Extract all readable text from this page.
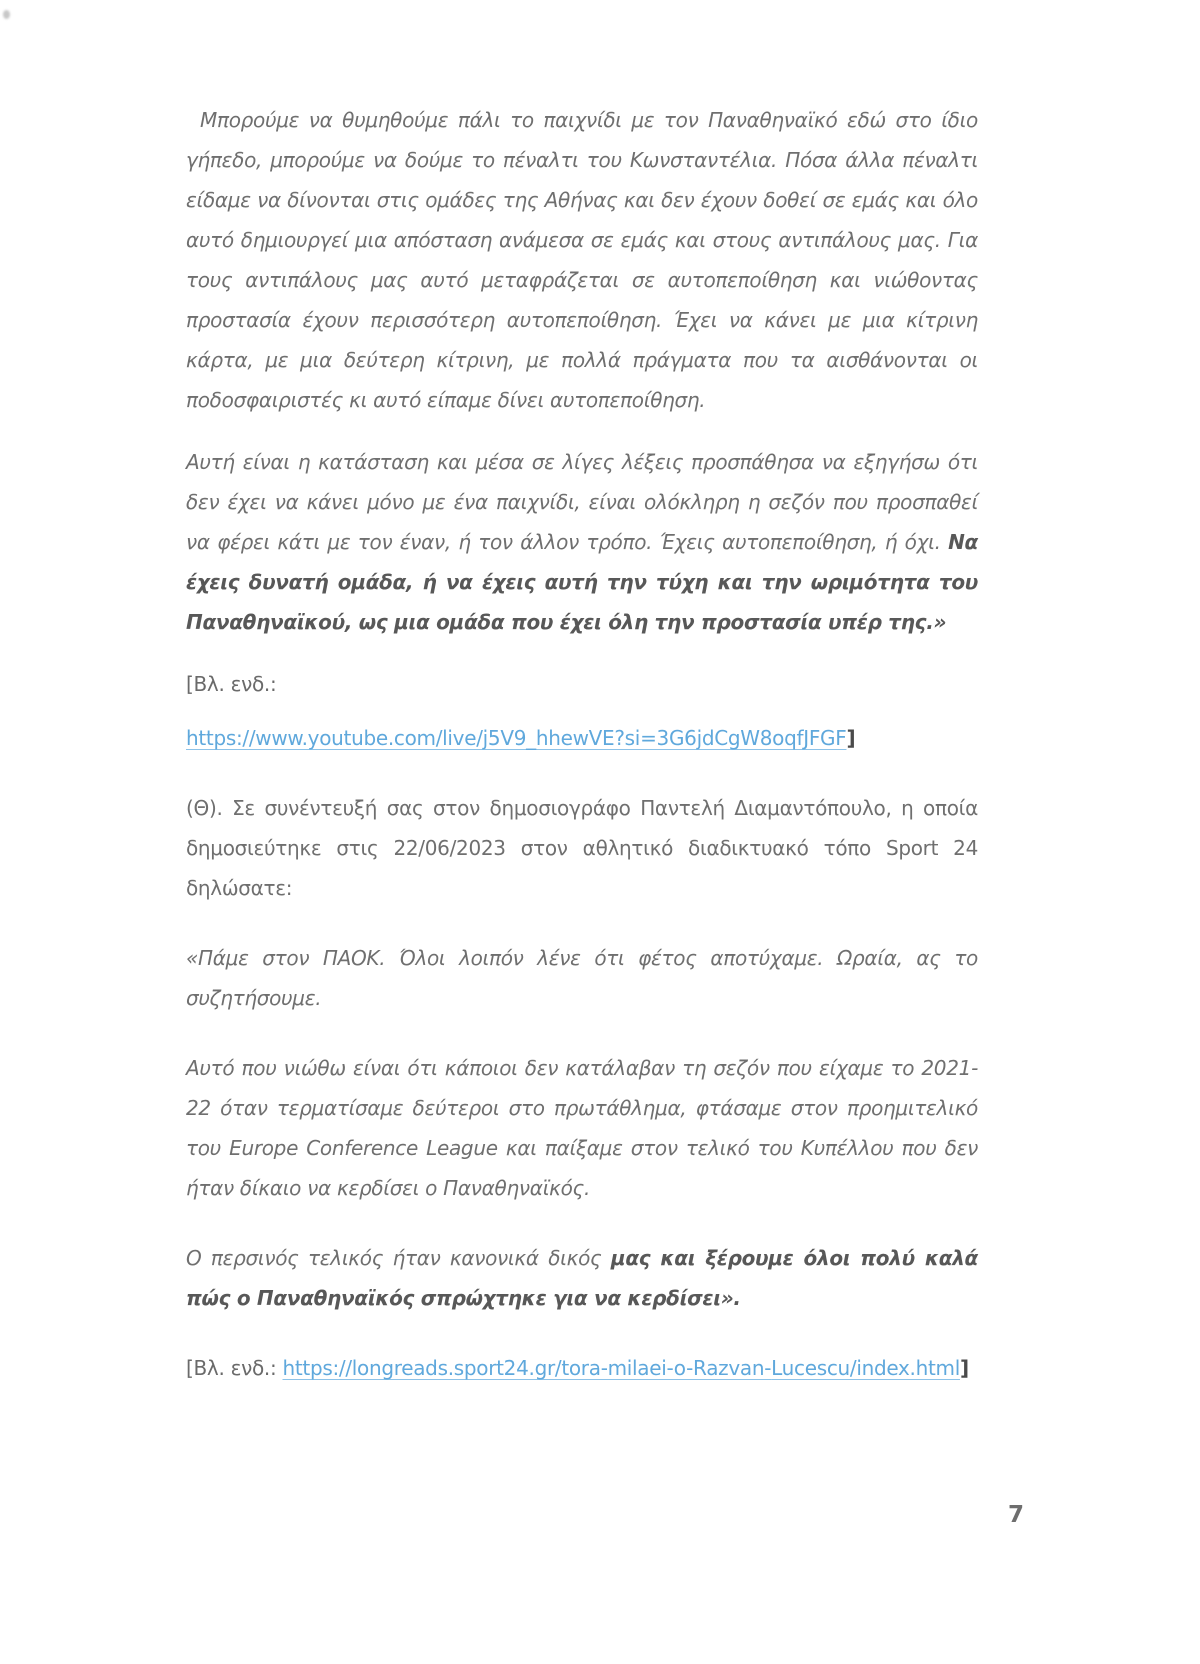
Μπορούμε να θυμηθούμε πάλι το παιχνίδι με τον Παναθηναϊκό εδώ στο ίδιο γήπεδο, μπορούμε να δούμε το πέναλτι του Κωνσταντέλια. Πόσα άλλα πέναλτι είδαμε να δίνονται στις ομάδες της Αθήνας και δεν έχουν δοθεί σε εμάς και όλο αυτό δημιουργεί μια απόσταση ανάμεσα σε εμάς και στους αντιπάλους μας. Για τους αντιπάλους μας αυτό μεταφράζεται σε αυτοπεποίθηση και νιώθοντας προστασία έχουν περισσότερη αυτοπεποίθηση. Έχει να κάνει με μια κίτρινη κάρτα, με μια δεύτερη κίτρινη, με πολλά πράγματα που τα αισθάνονται οι ποδοσφαιριστές κι αυτό είπαμε δίνει αυτοπεποίθηση.

Αυτή είναι η κατάσταση και μέσα σε λίγες λέξεις προσπάθησα να εξηγήσω ότι δεν έχει να κάνει μόνο με ένα παιχνίδι, είναι ολόκληρη η σεζόν που προσπαθεί να φέρει κάτι με τον έναν, ή τον άλλον τρόπο. Έχεις αυτοπεποίθηση, ή όχι. Να έχεις δυνατή ομάδα, ή να έχεις αυτή την τύχη και την ωριμότητα του Παναθηναϊκού, ως μια ομάδα που έχει όλη την προστασία υπέρ της.»

[Βλ. ενδ.:

https://www.youtube.com/live/j5V9_hhewVE?si=3G6jdCgW8oqfJFGF]

(Θ). Σε συνέντευξή σας στον δημοσιογράφο Παντελή Διαμαντόπουλο, η οποία δημοσιεύτηκε στις 22/06/2023 στον αθλητικό διαδικτυακό τόπο Sport 24 δηλώσατε:

«Πάμε στον ΠΑΟΚ. Όλοι λοιπόν λένε ότι φέτος αποτύχαμε. Ωραία, ας το συζητήσουμε.

Αυτό που νιώθω είναι ότι κάποιοι δεν κατάλαβαν τη σεζόν που είχαμε το 2021-22 όταν τερματίσαμε δεύτεροι στο πρωτάθλημα, φτάσαμε στον προημιτελικό του Europe Conference League και παίξαμε στον τελικό του Κυπέλλου που δεν ήταν δίκαιο να κερδίσει ο Παναθηναϊκός.

Ο περσινός τελικός ήταν κανονικά δικός μας και ξέρουμε όλοι πολύ καλά πώς ο Παναθηναϊκός σπρώχτηκε για να κερδίσει».

[Βλ. ενδ.: https://longreads.sport24.gr/tora-milaei-o-Razvan-Lucescu/index.html]

7
